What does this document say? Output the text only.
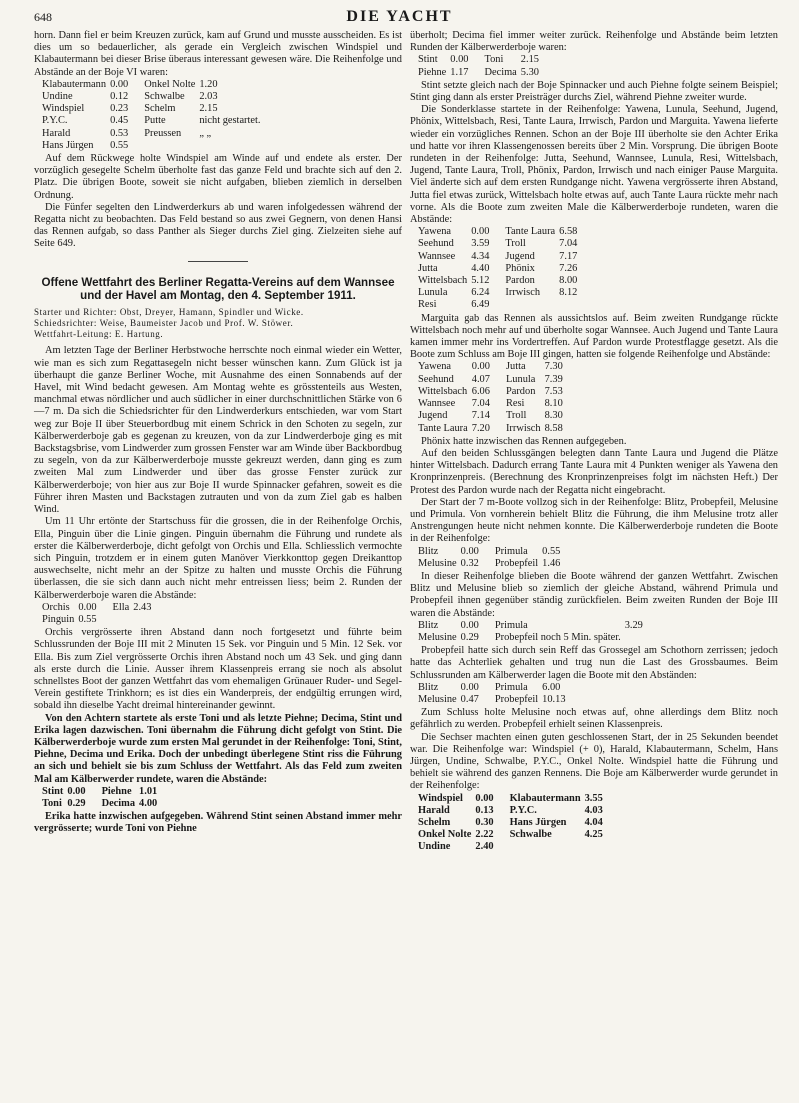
648	DIE YACHT

horn. Dann fiel er beim Kreuzen zurück, kam auf Grund und musste ausscheiden. Es ist dies um so bedauerlicher, als gerade ein Vergleich zwischen Windspiel und Klabautermann bei dieser Brise überaus interessant gewesen wäre. Die Reihenfolge und Abstände an der Boje VI waren:

Klabautermann	0.00	Onkel Nolte	1.20
Undine	0.12	Schwalbe	2.03
Windspiel	0.23	Schelm	2.15
P.Y.C.	0.45	Putte	nicht gestartet.
Harald	0.53	Preussen	„ „
Hans Jürgen	0.55		

Auf dem Rückwege holte Windspiel am Winde auf und endete als erster. Der vorzüglich gesegelte Schelm überholte fast das ganze Feld und brachte sich auf den 2. Platz. Die übrigen Boote, soweit sie nicht aufgaben, blieben ziemlich in derselben Ordnung.

Die Fünfer segelten den Lindwerderkurs ab und waren infolgedessen während der Regatta nicht zu beobachten. Das Feld bestand so aus zwei Gegnern, von denen Hansi das Rennen aufgab, so dass Panther als Sieger durchs Ziel ging. Zielzeiten siehe auf Seite 649.

Offene Wettfahrt des Berliner Regatta-Vereins auf dem Wannsee und der Havel am Montag, den 4. September 1911.
Starter und Richter: Obst, Dreyer, Hamann, Spindler und Wicke.
Schiedsrichter: Weise, Baumeister Jacob und Prof. W. Stöwer.
Wettfahrt-Leitung: E. Hartung.

Am letzten Tage der Berliner Herbstwoche herrschte noch einmal wieder ein Wetter, wie man es sich zum Regattasegeln nicht besser wünschen kann. Zum Glück ist ja überhaupt die ganze Berliner Woche, mit Ausnahme des einen Sonnabends auf der Havel, mit Wind bedacht gewesen. Am Montag wehte es grösstenteils aus Westen, manchmal etwas nördlicher und auch südlicher in einer durchschnittlichen Stärke von 6—7 m. Da sich die Schiedsrichter für den Lindwerderkurs entschieden, war vom Start weg zur Boje II über Steuerbordbug mit einem Schrick in den Schoten zu segeln, zur Kälberwerderboje gab es gegenan zu kreuzen, von da zur Lindwerderboje ging es mit Backstagsbrise, vom Lindwerder zum grossen Fenster war am Winde über Backbordbug zu segeln, von da zur Kälberwerderboje musste gekreuzt werden, dann ging es zum zweiten Mal zum Lindwerder und über das grosse Fenster zurück zur Kälberwerderboje; von hier aus zur Boje II wurde Spinnacker gefahren, soweit es die Führer ihren Masten und Backstagen zutrauten und von da zum Ziel gab es halben Wind.

Um 11 Uhr ertönte der Startschuss für die grossen, die in der Reihenfolge Orchis, Ella, Pinguin über die Linie gingen. Pinguin übernahm die Führung und rundete als erster die Kälberwerderboje, dicht gefolgt von Orchis und Ella. Schliesslich vermochte sich Pinguin, trotzdem er in einem guten Manöver Vierkkonttop gegen Dreikanttop auswechselte, nicht mehr an der Spitze zu halten und musste Orchis die Führung überlassen, die sie sich dann auch nicht mehr entreissen liess; beim 2. Runden der Kälberwerderboje waren die Abstände:

Orchis	0.00	Ella	2.43
Pinguin	0.55		

Orchis vergrösserte ihren Abstand dann noch fortgesetzt und führte beim Schlussrunden der Boje III mit 2 Minuten 15 Sek. vor Pinguin und 5 Min. 12 Sek. vor Ella. Bis zum Ziel vergrösserte Orchis ihren Abstand noch um 43 Sek. und ging dann als erste durch die Linie. Ausser ihrem Klassenpreis errang sie noch als absolut schnellstes Boot der ganzen Wettfahrt das vom ehemaligen Grünauer Ruder- und Segel-Verein gestiftete Trinkhorn; es ist dies ein Wanderpreis, der endgültig errungen wird, sobald ihn dieselbe Yacht dreimal hintereinander gewinnt.

Von den Achtern startete als erste Toni und als letzte Piehne; Decima, Stint und Erika lagen dazwischen. Toni übernahm die Führung dicht gefolgt von Stint. Die Kälberwerderboje wurde zum ersten Mal gerundet in der Reihenfolge: Toni, Stint, Piehne, Decima und Erika. Doch der unbedingt überlegene Stint riss die Führung an sich und behielt sie bis zum Schluss der Wettfahrt. Als das Feld zum zweiten Mal am Kälberwerder rundete, waren die Abstände:

Stint	0.00	Piehne	1.01
Toni	0.29	Decima	4.00

Erika hatte inzwischen aufgegeben. Während Stint seinen Abstand immer mehr vergrösserte; wurde Toni von Piehne

überholt; Decima fiel immer weiter zurück. Reihenfolge und Abstände beim letzten Runden der Kälberwerderboje waren:

Stint	0.00	Toni	2.15
Piehne	1.17	Decima	5.30

Stint setzte gleich nach der Boje Spinnacker und auch Piehne folgte seinem Beispiel; Stint ging dann als erster Preisträger durchs Ziel, während Piehne zweiter wurde.

Die Sonderklasse startete in der Reihenfolge: Yawena, Lunula, Seehund, Jugend, Phönix, Wittelsbach, Resi, Tante Laura, Irrwisch, Pardon und Marguita. Yawena lieferte wieder ein vorzügliches Rennen. Schon an der Boje III überholte sie den Achter Erika und hatte vor ihren Klassengenossen bereits über 2 Min. Vorsprung. Die übrigen Boote rundeten in der Reihenfolge: Jutta, Seehund, Wannsee, Lunula, Resi, Wittelsbach, Jugend, Tante Laura, Troll, Phönix, Pardon, Irrwisch und nach einiger Pause Marguita. Viel änderte sich auf dem ersten Rundgange nicht. Yawena vergrösserte ihren Abstand, Jutta fiel etwas zurück, Wittelsbach holte etwas auf, auch Tante Laura rückte mehr nach vorne. Als die Boote zum zweiten Male die Kälberwerderboje rundeten, waren die Abstände:

Yawena	0.00	Tante Laura	6.58
Seehund	3.59	Troll	7.04
Wannsee	4.34	Jugend	7.17
Jutta	4.40	Phönix	7.26
Wittelsbach	5.12	Pardon	8.00
Lunula	6.24	Irrwisch	8.12
Resi	6.49		

Marguita gab das Rennen als aussichtslos auf. Beim zweiten Rundgange rückte Wittelsbach noch mehr auf und überholte sogar Wannsee. Auch Jugend und Tante Laura kamen immer mehr ins Vordertreffen. Auf Pardon wurde Protestflagge gesetzt. Als die Boote zum Schluss am Boje III gingen, hatten sie folgende Reihenfolge und Abstände:

Yawena	0.00	Jutta	7.30
Seehund	4.07	Lunula	7.39
Wittelsbach	6.06	Pardon	7.53
Wannsee	7.04	Resi	8.10
Jugend	7.14	Troll	8.30
Tante Laura	7.20	Irrwisch	8.58

Phönix hatte inzwischen das Rennen aufgegeben.

Auf den beiden Schlussgängen belegten dann Tante Laura und Jugend die Plätze hinter Wittelsbach. Dadurch errang Tante Laura mit 4 Punkten weniger als Yawena den Kronprinzenpreis. (Berechnung des Kronprinzenpreises folgt im nächsten Heft.) Der Protest des Pardon wurde nach der Regatta nicht eingebracht.

Der Start der 7 m-Boote vollzog sich in der Reihenfolge: Blitz, Probepfeil, Melusine und Primula. Von vornherein behielt Blitz die Führung, die ihm Melusine trotz aller Anstrengungen heute nicht nehmen konnte. Die Kälberwerderboje rundeten die Boote in der Reihenfolge:

Blitz	0.00	Primula	0.55
Melusine	0.32	Probepfeil	1.46

In dieser Reihenfolge blieben die Boote während der ganzen Wettfahrt. Zwischen Blitz und Melusine blieb so ziemlich der gleiche Abstand, während Primula und Probepfeil ihnen gegenüber ständig zurückfielen. Beim zweiten Runden der Boje III waren die Abstände:

Blitz	0.00	Primula	3.29
Melusine	0.29	Probepfeil noch 5 Min. später.	

Probepfeil hatte sich durch sein Reff das Grossegel am Schothorn zerrissen; jedoch hatte das Achterliek gehalten und trug nun die Last des Grossbaumes. Beim Schlussrunden am Kälberwerder lagen die Boote mit den Abständen:

Blitz	0.00	Primula	6.00
Melusine	0.47	Probepfeil	10.13

Zum Schluss holte Melusine noch etwas auf, ohne allerdings dem Blitz noch gefährlich zu werden. Probepfeil erhielt seinen Klassenpreis.

Die Sechser machten einen guten geschlossenen Start, der in 25 Sekunden beendet war. Die Reihenfolge war: Windspiel (+ 0), Harald, Klabautermann, Schelm, Hans Jürgen, Undine, Schwalbe, P.Y.C., Onkel Nolte. Windspiel hatte die Führung und behielt sie während des ganzen Rennens. Die Boje am Kälberwerder wurde gerundet in der Reihenfolge:

Windspiel	0.00	Klabautermann	3.55
Harald	0.13	P.Y.C.	4.03
Schelm	0.30	Hans Jürgen	4.04
Onkel Nolte	2.22	Schwalbe	4.25
Undine	2.40		
